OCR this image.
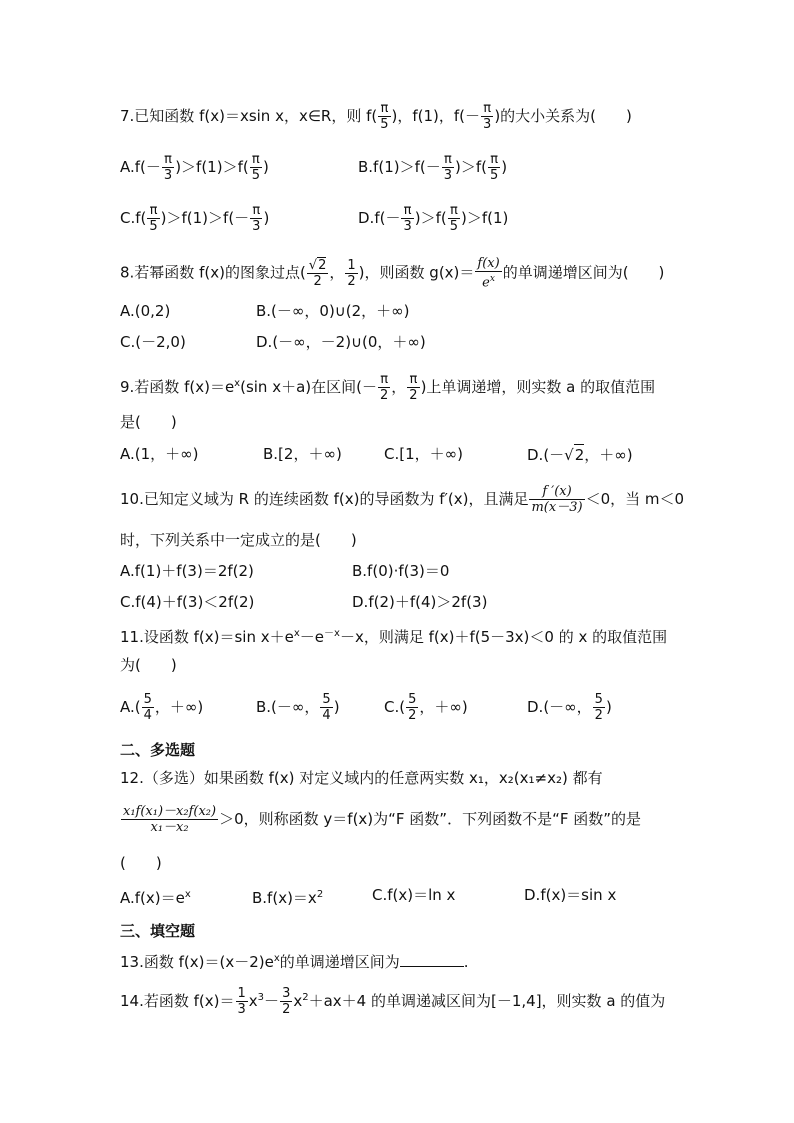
7.已知函数 f(x)＝xsin x，x∈R，则 $f( \frac{\pi}{5}$ )，f(1)，$f(- \frac{\pi}{3}$ )的大小关系为(　　)
$A.f(- \frac{\pi}{3} )>f(1)>f( \frac{\pi}{5}$ )	$B.f(1)>f(- \frac{\pi}{3} )>f( \frac{\pi}{5}$ )
$C.f( \frac{\pi}{5} )>f(1)>f(- \frac{\pi}{3}$ )	$D.f(- \frac{\pi}{3} )>f( \frac{\pi}{5} )>f(1)$
8.若幂函数 f(x)的图象过点( $\frac{√2}{2}$ ， $\frac{1}{2}$ )，则函数 $g(x)= \frac{f(x)}{e^x}$ 的单调递增区间为(　　)
A.(0,2)	B.(－∞，0)∪(2，＋∞)
C.(－2,0)	D.(－∞，－2)∪(0，＋∞)
9.若函数 $f(x)=e^x(\sin$ x＋a)在区间(－ $\frac{\pi}{2}$ ， $\frac{\pi}{2}$ )上单调递增，则实数 a 的取值范围
是(　　)
A.(1，＋∞)	B.[2，＋∞)	C.[1，＋∞)	D.(－√2，＋∞)
10.已知定义域为 R 的连续函数 f(x)的导函数为 f′(x)，且满足 $\frac{f '(x)}{m(x-3)} <0$，当 m＜0
时，下列关系中一定成立的是(　　)
A.f(1)＋f(3)＝2f(2)	B.f(0)·f(3)＝0
C.f(4)＋f(3)＜2f(2)	D.f(2)＋f(4)＞2f(3)
11.设函数 f(x)＝sin $x+e^x-e^{-x}-x$，则满足 f(x)＋f(5－3x)＜0 的 x 的取值范围
为(　　)
$A.( \frac{5}{4}$ ，＋∞)	B.(－∞， $\frac{5}{4}$ )	$C.( \frac{5}{2}$ ，＋∞)	D.(－∞， $\frac{5}{2}$ )
二、多选题
12.（多选）如果函数 f(x) 对定义域内的任意两实数 x₁，x₂(x₁≠x₂) 都有
$\frac{\text{x₁f(x₁)－x₂f(x₂)}}{\text{x₁－x₂}} >0$，则称函数 y＝f(x)为“F 函数”．下列函数不是“F 函数”的是
(　　)
$A.f(x)=e^x$	$B.f(x)=x^2$	C.f(x)＝ln x	D.f(x)＝sin x
三、填空题
13.函数 $f(x)=(x-2)e^x$的单调递增区间为	.
14.若函数 $f(x)= \frac{1}{3} x^3- \frac{3}{2} x^2+ax+4$ 的单调递减区间为[－1,4]，则实数 a 的值为
